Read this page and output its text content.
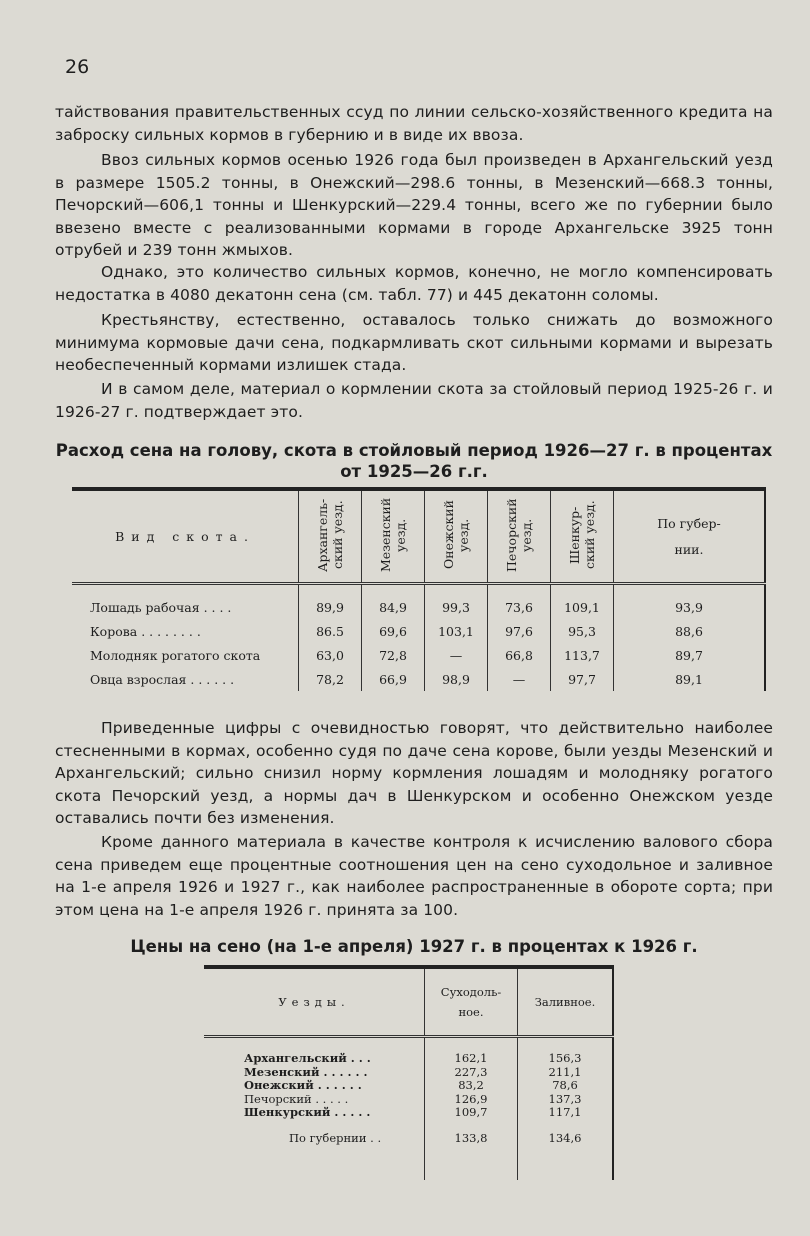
26
тайствования правительственных ссуд по линии сельско-хозяйственного кредита на заброску сильных кормов в губернию и в виде их ввоза.
Ввоз сильных кормов осенью 1926 года был произведен в Архангельский уезд в размере 1505.2 тонны, в Онежский—298.6 тонны, в Мезенский—668.3 тонны, Печорский—606,1 тонны и Шенкурский—229.4 тонны, всего же по губернии было ввезено вместе с реализованными кормами в городе Архангельске 3925 тонн отрубей и 239 тонн жмыхов.
Однако, это количество сильных кормов, конечно, не могло компенсировать недостатка в 4080 декатонн сена (см. табл. 77) и 445 декатонн соломы.
Крестьянству, естественно, оставалось только снижать до возможного минимума кормовые дачи сена, подкармливать скот сильными кормами и вырезать необеспеченный кормами излишек стада.
И в самом деле, материал о кормлении скота за стойловый период 1925-26 г. и 1926-27 г. подтверждает это.
Расход сена на голову, скота в стойловый период 1926—27 г. в процентах от 1925—26 г.г.
Вид скота.	Архангель-ский уезд.	Мезенский уезд.	Онежский уезд.	Печорский уезд.	Шенкур-ский уезд.	По губер-нии.
Лошадь рабочая . . . .	89,9	84,9	99,3	73,6	109,1	93,9
Корова . . . . . . . .	86.5	69,6	103,1	97,6	95,3	88,6
Молодняк рогатого скота	63,0	72,8	—	66,8	113,7	89,7
Овца взрослая . . . . . .	78,2	66,9	98,9	—	97,7	89,1
Приведенные цифры с очевидностью говорят, что действительно наиболее стесненными в кормах, особенно судя по даче сена корове, были уезды Мезенский и Архангельский; сильно снизил норму кормления лошадям и молодняку рогатого скота Печорский уезд, а нормы дач в Шенкурском и особенно Онежском уезде оставались почти без изменения.
Кроме данного материала в качестве контроля к исчислению валового сбора сена приведем еще процентные соотношения цен на сено суходольное и заливное на 1-е апреля 1926 и 1927 г., как наиболее распространенные в обороте сорта; при этом цена на 1-е апреля 1926 г. принята за 100.
Цены на сено (на 1-е апреля) 1927 г. в процентах к 1926 г.
Уезды.	Суходоль-ное.	Заливное.

Архангельский . . .	162,1	156,3
Мезенский . . . . . .	227,3	211,1
Онежский . . . . . .	83,2	78,6
Печорский . . . . .	126,9	137,3
Шенкурский . . . . .	109,7	117,1
По губернии . .	133,8	134,6
